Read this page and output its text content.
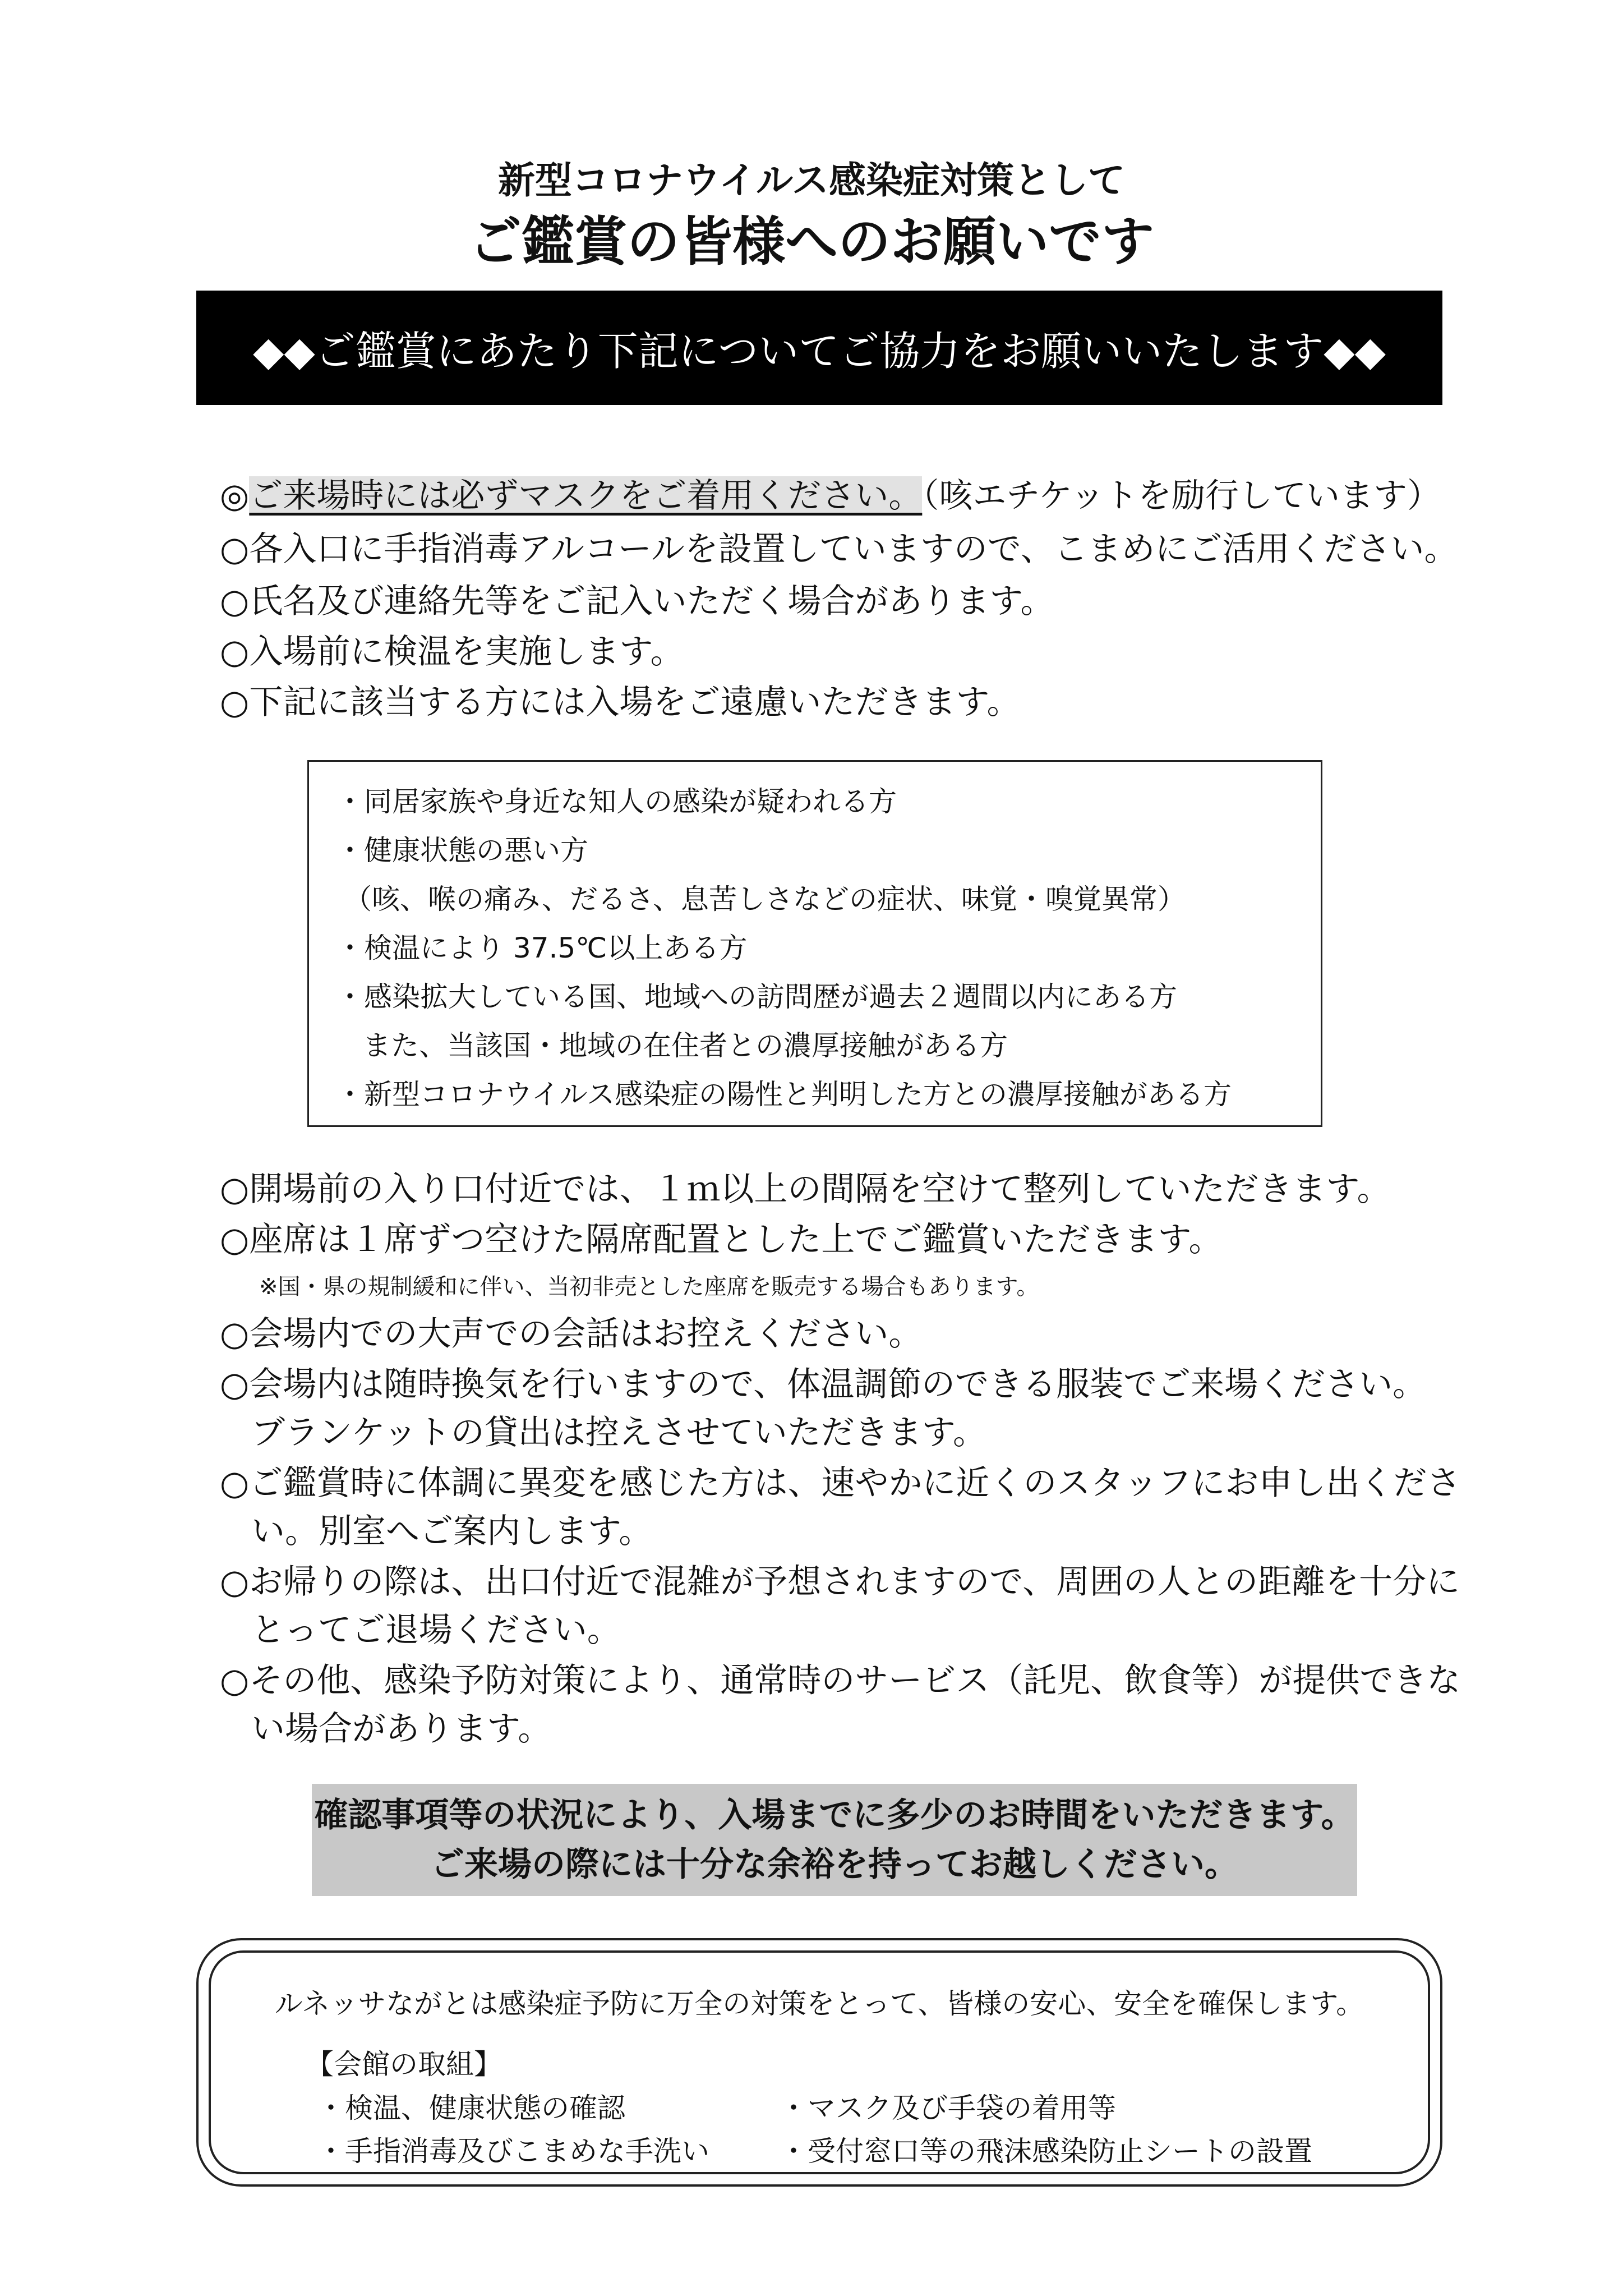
新型コロナウイルス感染症対策として
ご鑑賞の皆様へのお願いです
◆◆ご鑑賞にあたり下記についてご協力をお願いいたします◆◆
◎ご来場時には必ずマスクをご着用ください。（咳エチケットを励行しています）
○各入口に手指消毒アルコールを設置していますので、こまめにご活用ください。
○氏名及び連絡先等をご記入いただく場合があります。
○入場前に検温を実施します。
○下記に該当する方には入場をご遠慮いただきます。
・同居家族や身近な知人の感染が疑われる方
・健康状態の悪い方
（咳、喉の痛み、だるさ、息苦しさなどの症状、味覚・嗅覚異常）
・検温により 37.5℃以上ある方
・感染拡大している国、地域への訪問歴が過去２週間以内にある方
また、当該国・地域の在住者との濃厚接触がある方
・新型コロナウイルス感染症の陽性と判明した方との濃厚接触がある方
○開場前の入り口付近では、１ｍ以上の間隔を空けて整列していただきます。
○座席は１席ずつ空けた隔席配置とした上でご鑑賞いただきます。
※国・県の規制緩和に伴い、当初非売とした座席を販売する場合もあります。
○会場内での大声での会話はお控えください。
○会場内は随時換気を行いますので、体温調節のできる服装でご来場ください。
ブランケットの貸出は控えさせていただきます。
○ご鑑賞時に体調に異変を感じた方は、速やかに近くのスタッフにお申し出くださ
い。別室へご案内します。
○お帰りの際は、出口付近で混雑が予想されますので、周囲の人との距離を十分に
とってご退場ください。
○その他、感染予防対策により、通常時のサービス（託児、飲食等）が提供できな
い場合があります。
確認事項等の状況により、入場までに多少のお時間をいただきます。
ご来場の際には十分な余裕を持ってお越しください。
ルネッサながとは感染症予防に万全の対策をとって、皆様の安心、安全を確保します。
【会館の取組】
・検温、健康状態の確認	・マスク及び手袋の着用等
・手指消毒及びこまめな手洗い	・受付窓口等の飛沫感染防止シートの設置
